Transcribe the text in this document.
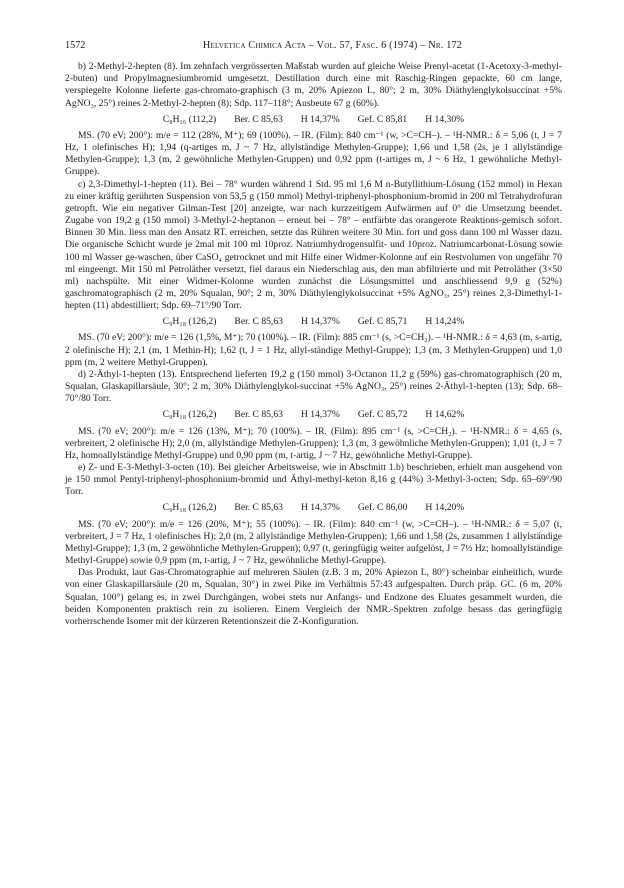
1572	Helvetica Chimica Acta – Vol. 57, Fasc. 6 (1974) – Nr. 172

b) 2-Methyl-2-hepten (8). Im zehnfach vergrösserten Maßstab wurden auf gleiche Weise Prenyl-acetat (1-Acetoxy-3-methyl-2-buten) und Propylmagnesiumbromid umgesetzt. Destillation durch eine mit Raschig-Ringen gepackte, 60 cm lange, verspiegelte Kolonne lieferte gas-chromato-graphisch (3 m, 20% Apiezon L, 80°; 2 m, 30% Diäthylenglykolsuccinat +5% AgNO₃, 25°) reines 2-Methyl-2-hepten (8); Sdp. 117–118°; Ausbeute 67 g (60%).

C₈H₁₆ (112,2) Ber. C 85,63 H 14,37% Gef. C 85,81 H 14,30%

MS. (70 eV; 200°): m/e = 112 (28%, M⁺); 69 (100%). – IR. (Film): 840 cm⁻¹ (w, >C=CH–). – ¹H-NMR.: δ = 5,06 (t, J = 7 Hz, 1 olefinisches H); 1,94 (q-artiges m, J ~ 7 Hz, allylständige Methylen-Gruppe); 1,66 und 1,58 (2s, je 1 allylständige Methylen-Gruppe); 1,3 (m, 2 gewöhnliche Methylen-Gruppen) und 0,92 ppm (t-artiges m, J ~ 6 Hz, 1 gewöhnliche Methyl-Gruppe).

c) 2,3-Dimethyl-1-hepten (11). Bei – 78° wurden während 1 Std. 95 ml 1,6 M n-Butyllithium-Lösung (152 mmol) in Hexan zu einer kräftig gerührten Suspension von 53,5 g (150 mmol) Methyl-triphenyl-phosphonium-bromid in 200 ml Tetrahydrofuran getropft. Wie ein negativer Gilman-Test [20] anzeigte, war nach kurzzeitigem Aufwärmen auf 0° die Umsetzung beendet. Zugabe von 19,2 g (150 mmol) 3-Methyl-2-heptanon – erneut bei – 78° – entfärbte das orangerote Reaktions-gemisch sofort. Binnen 30 Min. liess man den Ansatz RT. erreichen, setzte das Rühren weitere 30 Min. fort und goss dann 100 ml Wasser dazu. Die organische Schicht wurde je 2mal mit 100 ml 10proz. Natriumhydrogensulfit- und 10proz. Natriumcarbonat-Lösung sowie 100 ml Wasser ge-waschen, über CaSO₄ getrocknet und mit Hilfe einer Widmer-Kolonne auf ein Restvolumen von ungefähr 70 ml eingeengt. Mit 150 ml Petroläther versetzt, fiel daraus ein Niederschlag aus, den man abfiltrierte und mit Petroläther (3×50 ml) nachspülte. Mit einer Widmer-Kolonne wurden zunächst die Lösungsmittel und anschliessend 9,9 g (52%) gaschromatographisch (2 m, 20% Squalan, 90°; 2 m, 30% Diäthylenglykolsuccinat +5% AgNO₃, 25°) reines 2,3-Dimethyl-1-hepten (11) abdestilliert; Sdp. 69–71°/90 Torr.

C₉H₁₈ (126,2) Ber. C 85,63 H 14,37% Gef. C 85,71 H 14,24%

MS. (70 eV; 200°): m/e = 126 (1,5%, M⁺); 70 (100%). – IR. (Film): 885 cm⁻¹ (s, >C=CH₂). – ¹H-NMR.: δ = 4,63 (m, s-artig, 2 olefinische H); 2,1 (m, 1 Methin-H); 1,62 (t, J = 1 Hz, allyl-ständige Methyl-Gruppe); 1,3 (m, 3 Methylen-Gruppen) und 1,0 ppm (m, 2 weitere Methyl-Gruppen).

d) 2-Äthyl-1-hepten (13). Entsprechend lieferten 19,2 g (150 mmol) 3-Octanon 11,2 g (59%) gas-chromatographisch (20 m, Squalan, Glaskapillarsäule, 30°; 2 m, 30% Diäthylenglykol-succinat +5% AgNO₃, 25°) reines 2-Äthyl-1-hepten (13); Sdp. 68–70°/80 Torr.

C₉H₁₈ (126,2) Ber. C 85,63 H 14,37% Gef. C 85,72 H 14,62%

MS. (70 eV; 200°): m/e = 126 (13%, M⁺); 70 (100%). – IR. (Film): 895 cm⁻¹ (s, >C=CH₂). – ¹H-NMR.: δ = 4,65 (s, verbreitert, 2 olefinische H); 2,0 (m, allylständige Methylen-Gruppen); 1,3 (m, 3 gewöhnliche Methylen-Gruppen); 1,01 (t, J = 7 Hz, homoallylständige Methyl-Gruppe) und 0,90 ppm (m, t-artig, J ~ 7 Hz, gewöhnliche Methyl-Gruppe).

e) Z- und E-3-Methyl-3-octen (10). Bei gleicher Arbeitsweise, wie in Abschnitt 1.b) beschrieben, erhielt man ausgehend von je 150 mmol Pentyl-triphenyl-phosphonium-bromid und Äthyl-methyl-keton 8,16 g (44%) 3-Methyl-3-octen; Sdp. 65–69°/90 Torr.

C₉H₁₈ (126,2) Ber. C 85,63 H 14,37% Gef. C 86,00 H 14,20%

MS. (70 eV; 200°): m/e = 126 (20%, M⁺); 55 (100%). – IR. (Film): 840 cm⁻¹ (w, >C=CH–). – ¹H-NMR.: δ = 5,07 (t, verbreitert, J = 7 Hz, 1 olefinisches H); 2,0 (m, 2 allylständige Methylen-Gruppen); 1,66 und 1,58 (2s, zusammen 1 allylständige Methyl-Gruppe); 1,3 (m, 2 gewöhnliche Methylen-Gruppen); 0,97 (t, geringfügig weiter aufgelöst, J = 7½ Hz; homoallylständige Methyl-Gruppe) sowie 0,9 ppm (m, t-artig, J ~ 7 Hz, gewöhnliche Methyl-Gruppe).

Das Produkt, laut Gas-Chromatographie auf mehreren Säulen (z.B. 3 m, 20% Apiezon L, 80°) scheinbar einheitlich, wurde von einer Glaskapillarsäule (20 m, Squalan, 30°) in zwei Pike im Verhältnis 57:43 aufgespalten. Durch präp. GC. (6 m, 20% Squalan, 100°) gelang es, in zwei Durchgängen, wobei stets nur Anfangs- und Endzone des Eluates gesammelt wurden, die beiden Komponenten praktisch rein zu isolieren. Einem Vergleich der NMR.-Spektren zufolge besass das geringfügig vorherrschende Isomer mit der kürzeren Retentionszeit die Z-Konfiguration.
